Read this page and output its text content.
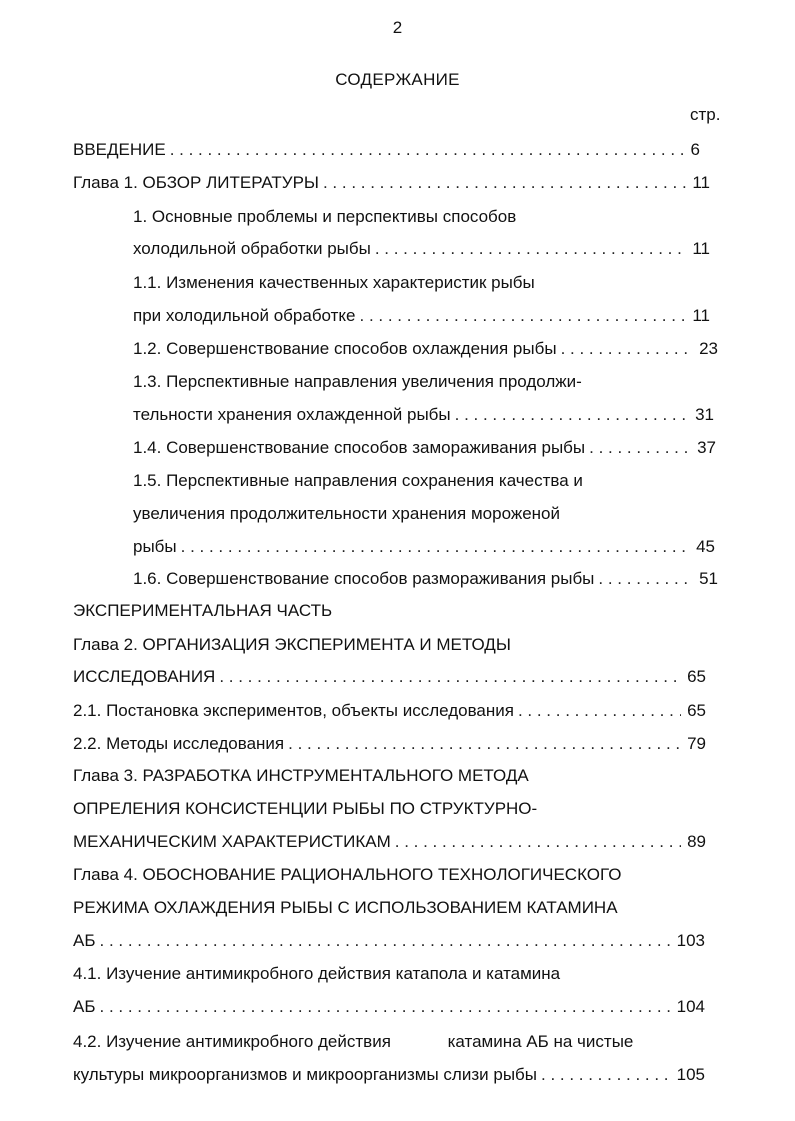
2
СОДЕРЖАНИЕ
стр.
ВВЕДЕНИЕ . . .	6
Глава 1. ОБЗОР ЛИТЕРАТУРЫ . . .	11
1. Основные проблемы и перспективы способов
холодильной обработки рыбы . . .	11
1.1. Изменения качественных характеристик рыбы
при холодильной обработке . . .	11
1.2. Совершенствование способов охлаждения рыбы . . .	23
1.3. Перспективные направления увеличения продолжи-
тельности хранения охлажденной рыбы . . .	31
1.4. Совершенствование способов замораживания рыбы . . .	37
1.5. Перспективные направления сохранения качества и
увеличения продолжительности хранения мороженой
рыбы . . .	45
1.6. Совершенствование способов размораживания рыбы . . .	51
ЭКСПЕРИМЕНТАЛЬНАЯ ЧАСТЬ
Глава 2. ОРГАНИЗАЦИЯ ЭКСПЕРИМЕНТА И МЕТОДЫ
ИССЛЕДОВАНИЯ . . .	65
2.1. Постановка экспериментов, объекты исследования . . .	65
2.2. Методы исследования . . .	79
Глава 3. РАЗРАБОТКА ИНСТРУМЕНТАЛЬНОГО МЕТОДА
ОПРЕЛЕНИЯ КОНСИСТЕНЦИИ РЫБЫ ПО СТРУКТУРНО-
МЕХАНИЧЕСКИМ ХАРАКТЕРИСТИКАМ . . .	89
Глава 4. ОБОСНОВАНИЕ РАЦИОНАЛЬНОГО ТЕХНОЛОГИЧЕСКОГО
РЕЖИМА ОХЛАЖДЕНИЯ РЫБЫ С ИСПОЛЬЗОВАНИЕМ КАТАМИНА
АБ . . .	103
4.1. Изучение антимикробного действия катапола и катамина
АБ . . .	104
4.2. Изучение антимикробного действия            катамина АБ на чистые
культуры микроорганизмов и микроорганизмы слизи рыбы . . .	105
